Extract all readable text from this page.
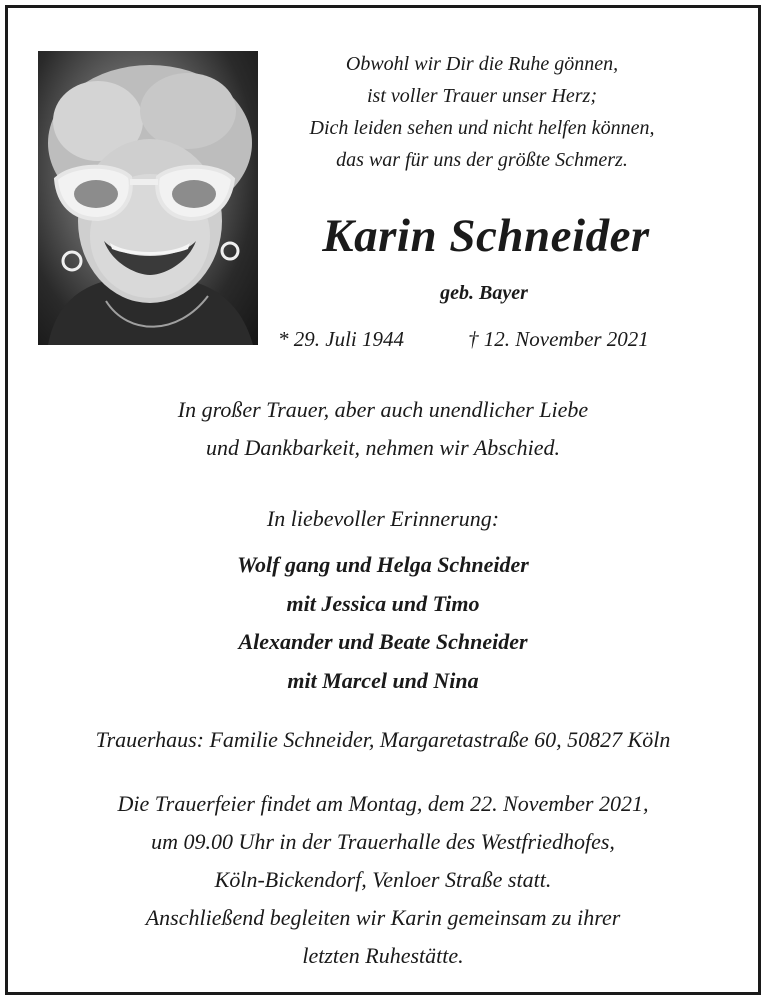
Obwohl wir Dir die Ruhe gönnen,
ist voller Trauer unser Herz;
Dich leiden sehen und nicht helfen können,
das war für uns der größte Schmerz.
Karin Schneider
geb. Bayer
* 29. Juli 1944	† 12. November 2021
In großer Trauer, aber auch unendlicher Liebe
und Dankbarkeit, nehmen wir Abschied.
In liebevoller Erinnerung:
Wolf gang und Helga Schneider
mit Jessica und Timo
Alexander und Beate Schneider
mit Marcel und Nina
Trauerhaus: Familie Schneider, Margaretastraße 60, 50827 Köln
Die Trauerfeier findet am Montag, dem 22. November 2021,
um 09.00 Uhr in der Trauerhalle des Westfriedhofes,
Köln-Bickendorf, Venloer Straße statt.
Anschließend begleiten wir Karin gemeinsam zu ihrer
letzten Ruhestätte.
